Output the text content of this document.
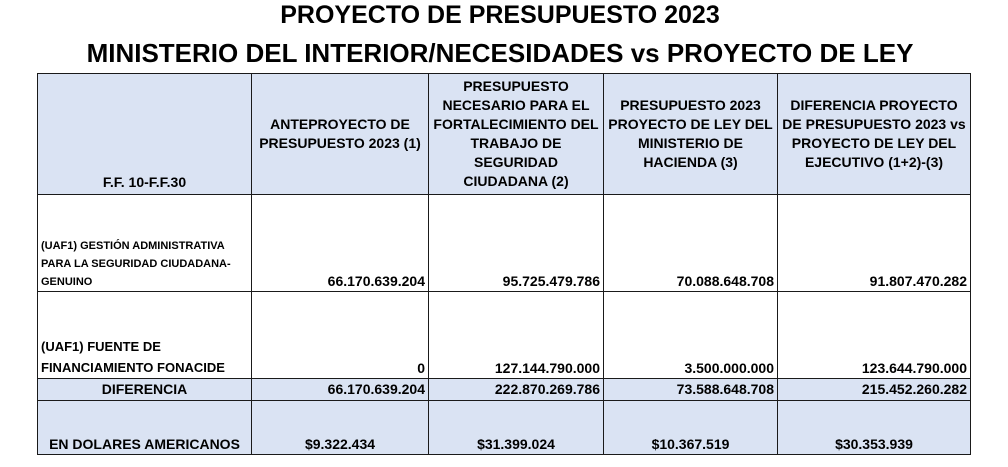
PROYECTO DE PRESUPUESTO 2023
MINISTERIO DEL INTERIOR/NECESIDADES vs PROYECTO DE LEY
F.F. 10-F.F.30	ANTEPROYECTO DE PRESUPUESTO 2023 (1)	PRESUPUESTO NECESARIO PARA EL FORTALECIMIENTO DEL TRABAJO DE SEGURIDAD CIUDADANA (2)	PRESUPUESTO 2023 PROYECTO DE LEY DEL MINISTERIO DE HACIENDA (3)	DIFERENCIA PROYECTO DE PRESUPUESTO 2023 vs PROYECTO DE LEY DEL EJECUTIVO (1+2)-(3)
(UAF1) GESTIÓN ADMINISTRATIVA PARA LA SEGURIDAD CIUDADANA-GENUINO	66.170.639.204	95.725.479.786	70.088.648.708	91.807.470.282
(UAF1) FUENTE DE FINANCIAMIENTO FONACIDE	0	127.144.790.000	3.500.000.000	123.644.790.000
DIFERENCIA	66.170.639.204	222.870.269.786	73.588.648.708	215.452.260.282
EN DOLARES AMERICANOS	$9.322.434	$31.399.024	$10.367.519	$30.353.939
